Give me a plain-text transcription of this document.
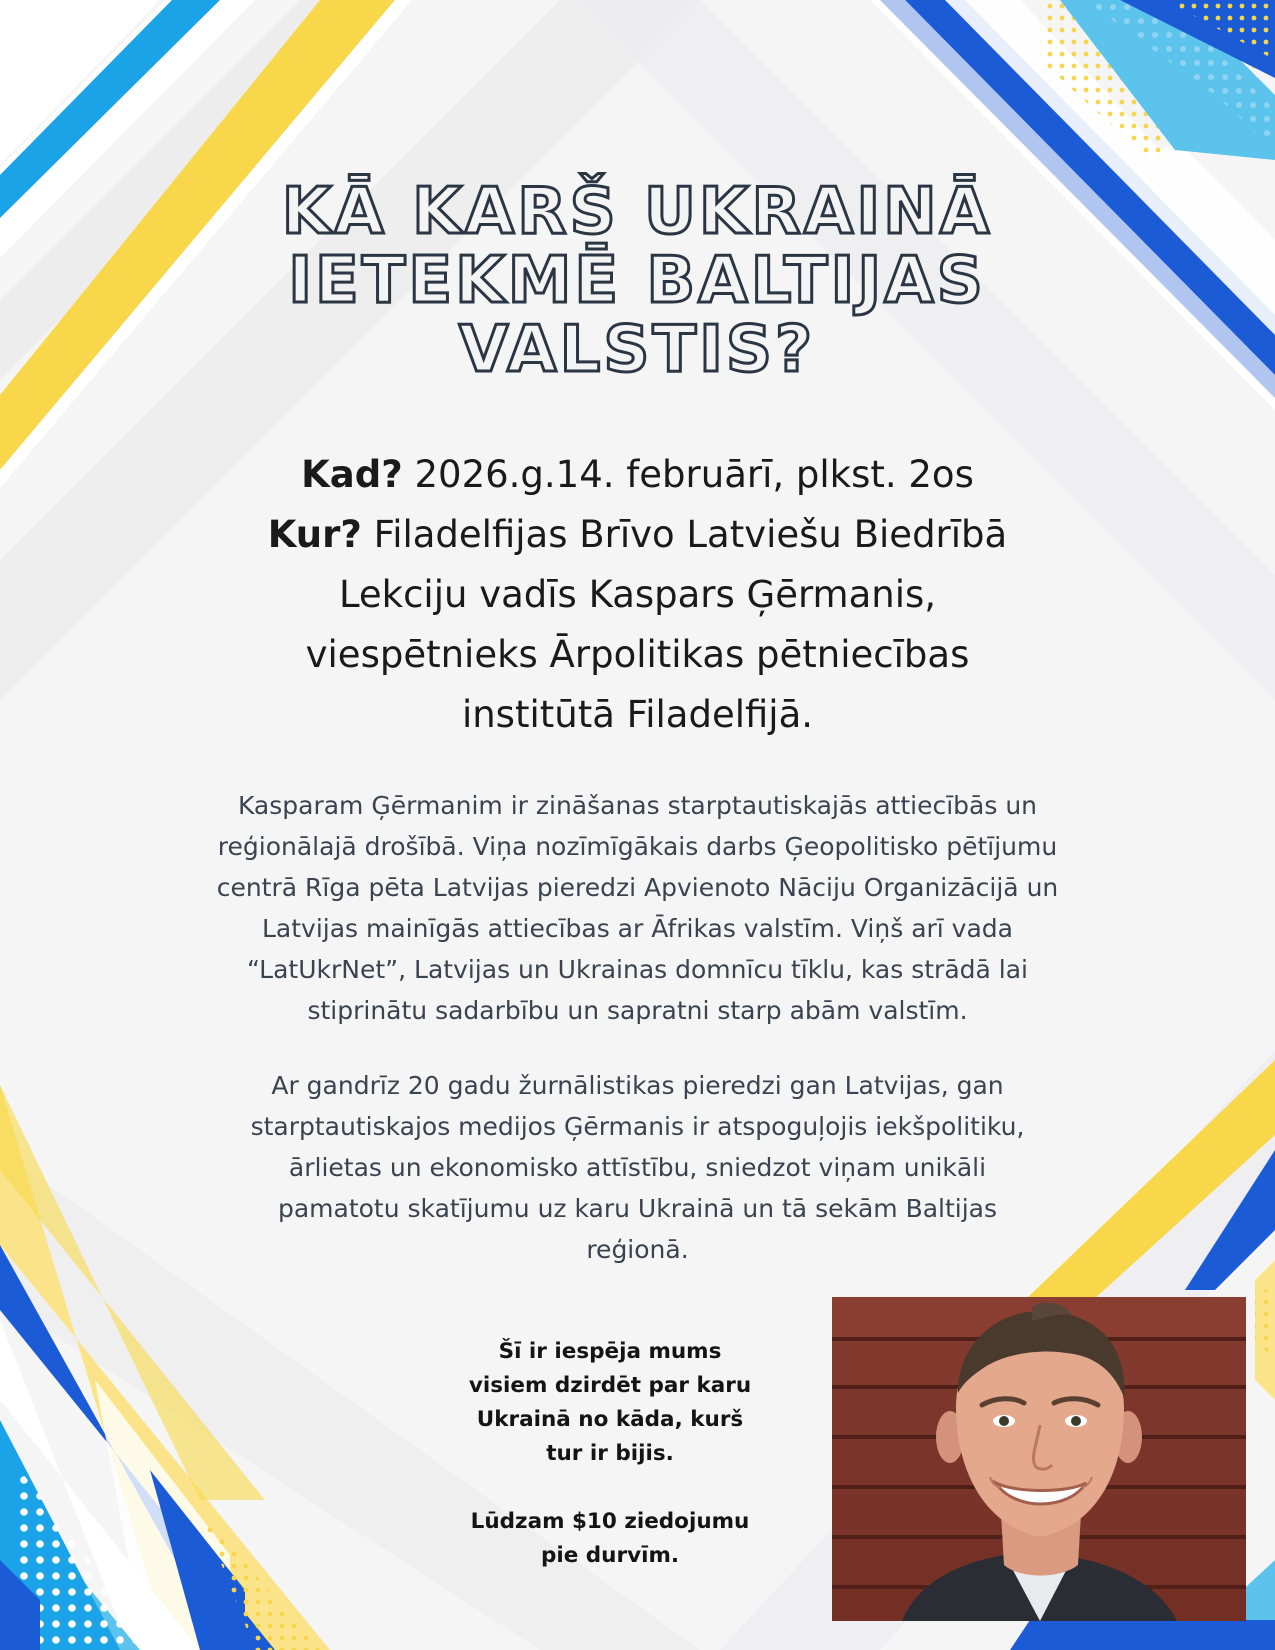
KĀ KARŠ UKRAINĀ
IETEKMĒ BALTIJAS
VALSTIS?
Kad? 2026.g.14. februārī, plkst. 2os
Kur? Filadelfijas Brīvo Latviešu Biedrībā
Lekciju vadīs Kaspars Ģērmanis,
viespētnieks Ārpolitikas pētniecības
institūtā Filadelfijā.

Kasparam Ģērmanim ir zināšanas starptautiskajās attiecībās un
reģionālajā drošībā. Viņa nozīmīgākais darbs Ģeopolitisko pētījumu
centrā Rīga pēta Latvijas pieredzi Apvienoto Nāciju Organizācijā un
Latvijas mainīgās attiecības ar Āfrikas valstīm. Viņš arī vada
“LatUkrNet”, Latvijas un Ukrainas domnīcu tīklu, kas strādā lai
stiprinātu sadarbību un sapratni starp abām valstīm.

Ar gandrīz 20 gadu žurnālistikas pieredzi gan Latvijas, gan
starptautiskajos medijos Ģērmanis ir atspoguļojis iekšpolitiku,
ārlietas un ekonomisko attīstību, sniedzot viņam unikāli
pamatotu skatījumu uz karu Ukrainā un tā sekām Baltijas
reģionā.

Šī ir iespēja mums
visiem dzirdēt par karu
Ukrainā no kāda, kurš
tur ir bijis.
Lūdzam $10 ziedojumu
pie durvīm.
